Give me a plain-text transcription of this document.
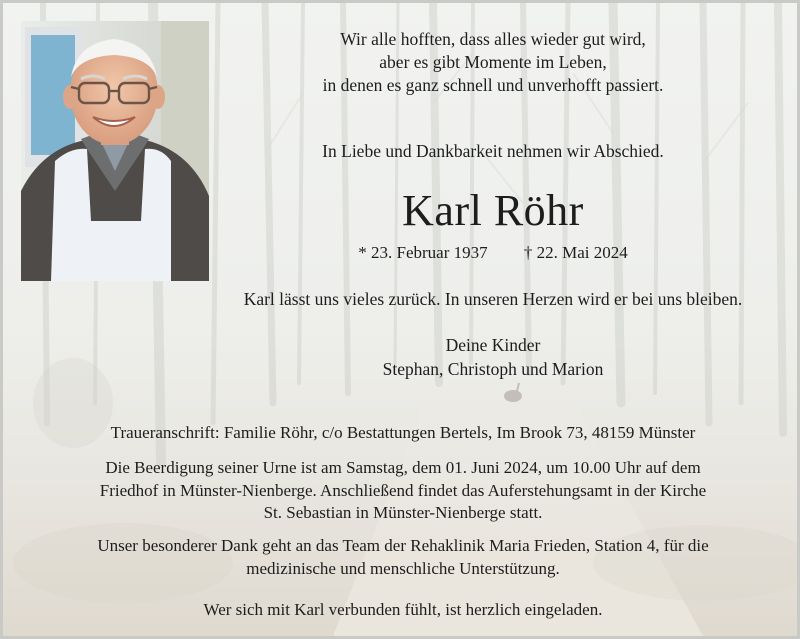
Wir alle hofften, dass alles wieder gut wird,
aber es gibt Momente im Leben,
in denen es ganz schnell und unverhofft passiert.
In Liebe und Dankbarkeit nehmen wir Abschied.
Karl Röhr
* 23. Februar 1937 † 22. Mai 2024
Karl lässt uns vieles zurück. In unseren Herzen wird er bei uns bleiben.
Deine Kinder
Stephan, Christoph und Marion
Traueranschrift: Familie Röhr, c/o Bestattungen Bertels, Im Brook 73, 48159 Münster
Die Beerdigung seiner Urne ist am Samstag, dem 01. Juni 2024, um 10.00 Uhr auf dem
Friedhof in Münster-Nienberge. Anschließend findet das Auferstehungsamt in der Kirche
St. Sebastian in Münster-Nienberge statt.
Unser besonderer Dank geht an das Team der Rehaklinik Maria Frieden, Station 4, für die
medizinische und menschliche Unterstützung.
Wer sich mit Karl verbunden fühlt, ist herzlich eingeladen.
